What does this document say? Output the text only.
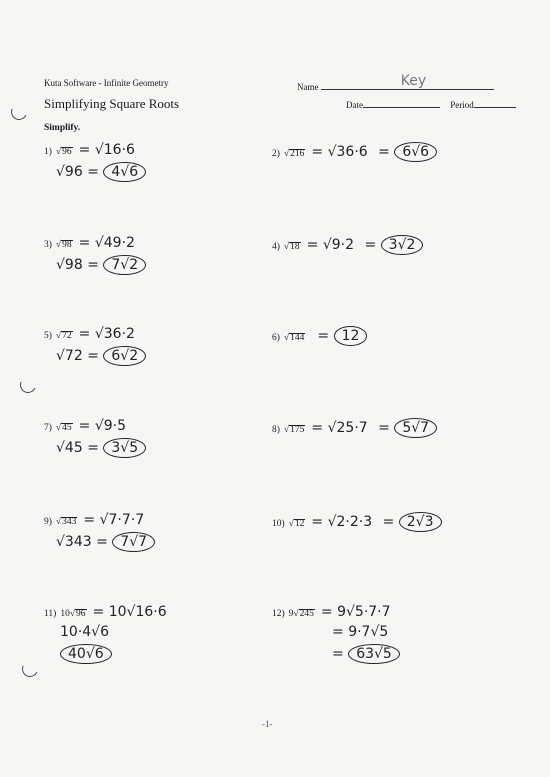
Kuta Software - Infinite Geometry	Name	Key
Simplifying Square Roots	Date	Period
Simplify.
1) √96 = √16·6
√96 = 4√6
2) √216 = √36·6 = 6√6
3) √98 = √49·2
√98 = 7√2
4) √18 = √9·2 = 3√2
5) √72 = √36·2
√72 = 6√2
6) √144 = 12
7) √45 = √9·5
√45 = 3√5
8) √175 = √25·7 = 5√7
9) √343 = √7·7·7
√343 = 7√7
10) √12 = √2·2·3 = 2√3
11) 10√96 = 10√16·6
10·4√6
40√6
12) 9√245 = 9√5·7·7
= 9·7√5
= 63√5
-1-
